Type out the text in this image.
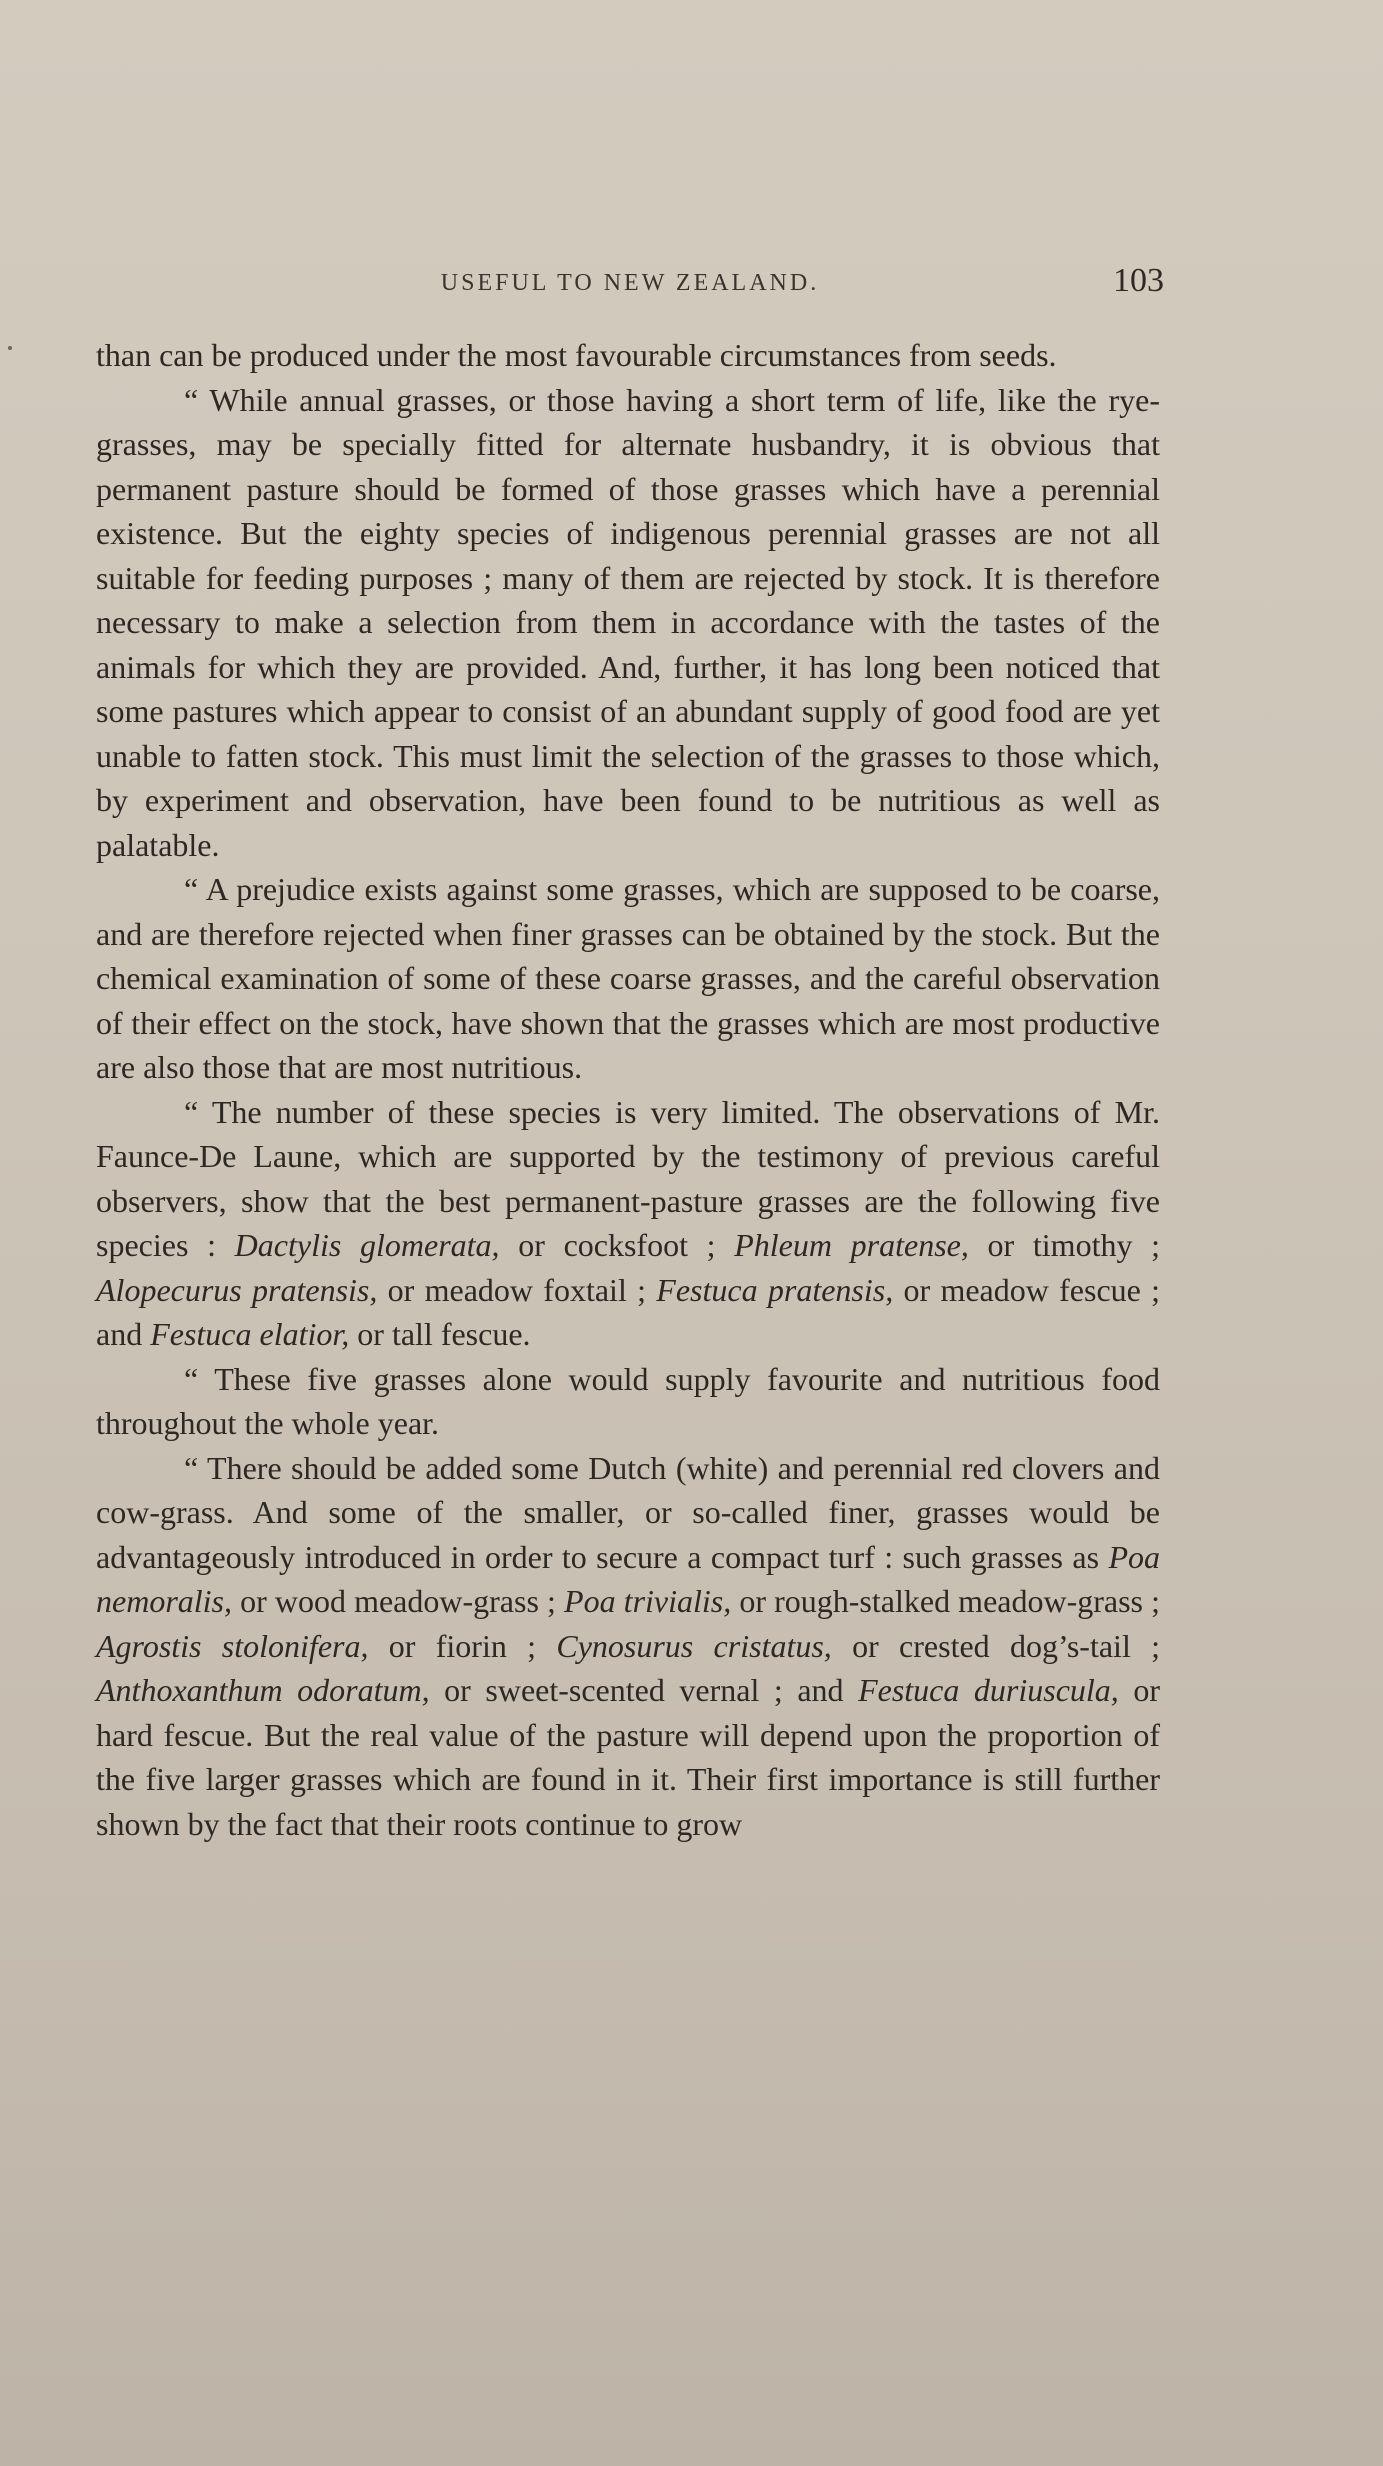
USEFUL TO NEW ZEALAND.	103

than can be produced under the most favourable circumstances from seeds.

“ While annual grasses, or those having a short term of life, like the rye-grasses, may be specially fitted for alternate husbandry, it is obvious that permanent pasture should be formed of those grasses which have a perennial existence. But the eighty species of indigenous perennial grasses are not all suitable for feeding purposes ; many of them are rejected by stock. It is therefore necessary to make a selection from them in accordance with the tastes of the animals for which they are provided. And, further, it has long been noticed that some pastures which appear to consist of an abundant supply of good food are yet unable to fatten stock. This must limit the selection of the grasses to those which, by experiment and observation, have been found to be nutritious as well as palatable.

“ A prejudice exists against some grasses, which are supposed to be coarse, and are therefore rejected when finer grasses can be obtained by the stock. But the chemical examination of some of these coarse grasses, and the careful observation of their effect on the stock, have shown that the grasses which are most productive are also those that are most nutritious.

“ The number of these species is very limited. The observations of Mr. Faunce-De Laune, which are supported by the testimony of previous careful observers, show that the best permanent-pasture grasses are the following five species : Dactylis glomerata, or cocksfoot ; Phleum pratense, or timothy ; Alopecurus pratensis, or meadow foxtail ; Festuca pratensis, or meadow fescue ; and Festuca elatior, or tall fescue.

“ These five grasses alone would supply favourite and nutritious food throughout the whole year.

“ There should be added some Dutch (white) and perennial red clovers and cow-grass. And some of the smaller, or so-called finer, grasses would be advantageously introduced in order to secure a compact turf : such grasses as Poa nemoralis, or wood meadow-grass ; Poa trivialis, or rough-stalked meadow-grass ; Agrostis stolonifera, or fiorin ; Cynosurus cristatus, or crested dog’s-tail ; Anthoxanthum odoratum, or sweet-scented vernal ; and Festuca duriuscula, or hard fescue. But the real value of the pasture will depend upon the proportion of the five larger grasses which are found in it. Their first importance is still further shown by the fact that their roots continue to grow
